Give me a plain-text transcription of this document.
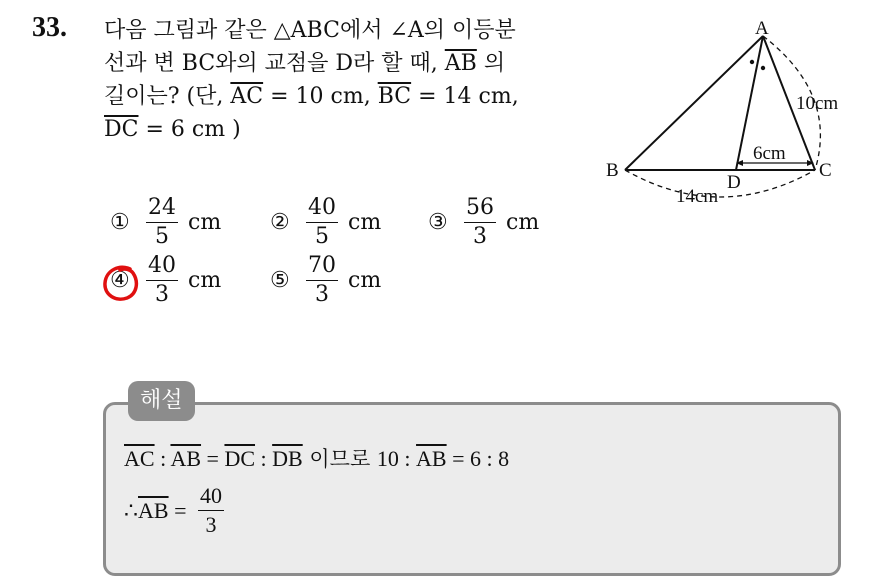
33. 다음 그림과 같은 △ABC에서 ∠A의 이등분
선과 변 BC와의 교점을 D라 할 때, $\overline{AB}$ 의
길이는? (단, $\overline{AC} = 10$ cm, $\overline{BC} = 14$ cm,
$\overline{DC} = 6$ cm )
A
B	C
D
10cm
6cm
14cm
① $\frac{24}{5}$ cm ② $\frac{40}{5}$ cm ③ $\frac{56}{3}$ cm
④ $\frac{40}{3}$ cm ⑤ $\frac{70}{3}$ cm
해설
$\overline{AC}$ : $\overline{AB} = \overline{DC}$ : $\overline{DB}$ 이므로 10 : $\overline{AB} = 6$ : 8
∴ $\overline{AB} = \frac{40}{3}$
